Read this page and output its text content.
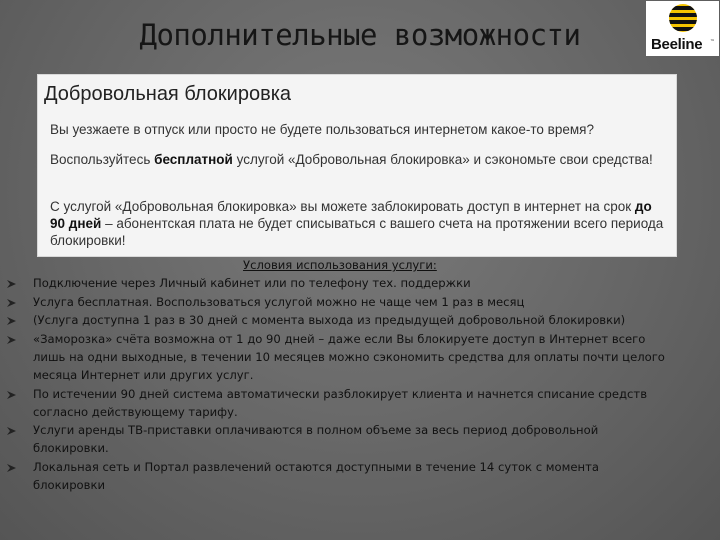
Дополнительные возможности	Beeline ™
Добровольная блокировка

Вы уезжаете в отпуск или просто не будете пользоваться интернетом какое-то время?

Воспользуйтесь бесплатной услугой «Добровольная блокировка» и сэкономьте свои средства!

С услугой «Добровольная блокировка» вы можете заблокировать доступ в интернет на срок до 90 дней – абонентская плата не будет списываться с вашего счета на протяжении всего периода блокировки!

Условия использования услуги:
Подключение через Личный кабинет или по телефону тех. поддержки
Услуга бесплатная. Воспользоваться услугой можно не чаще чем 1 раз в месяц
(Услуга доступна 1 раз в 30 дней с момента выхода из предыдущей добровольной блокировки)
«Заморозка» счёта возможна от 1 до 90 дней – даже если Вы блокируете доступ в Интернет всего лишь на одни выходные, в течении 10 месяцев можно сэкономить средства для оплаты почти целого месяца Интернет или других услуг.
По истечении 90 дней система автоматически разблокирует клиента и начнется списание средств согласно действующему тарифу.
Услуги аренды ТВ-приставки оплачиваются в полном объеме за весь период добровольной блокировки.
Локальная сеть и Портал развлечений остаются доступными в течение 14 суток с момента блокировки
